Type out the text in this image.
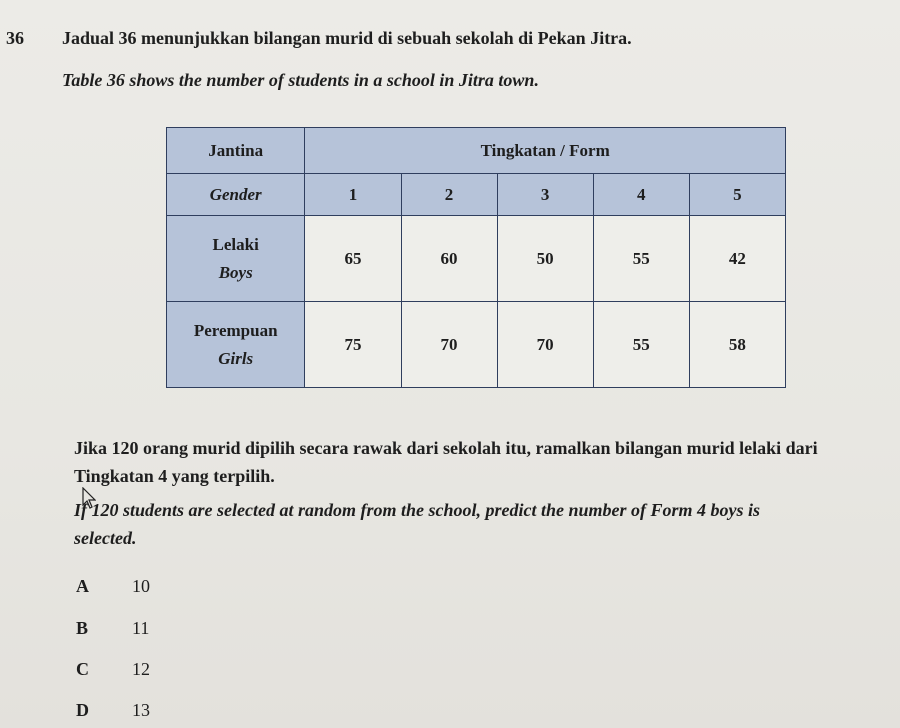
36 Jadual 36 menunjukkan bilangan murid di sebuah sekolah di Pekan Jitra.
Table 36 shows the number of students in a school in Jitra town.
Jantina	Tingkatan / Form				
Gender	1	2	3	4	5

Lelaki
Boys	65	60	50	55	42

Perempuan
Girls	75	70	70	55	58
Jika 120 orang murid dipilih secara rawak dari sekolah itu, ramalkan bilangan murid lelaki dari
Tingkatan 4 yang terpilih.
If 120 students are selected at random from the school, predict the number of Form 4 boys is
selected.
A 10
B 11
C 12
D 13
